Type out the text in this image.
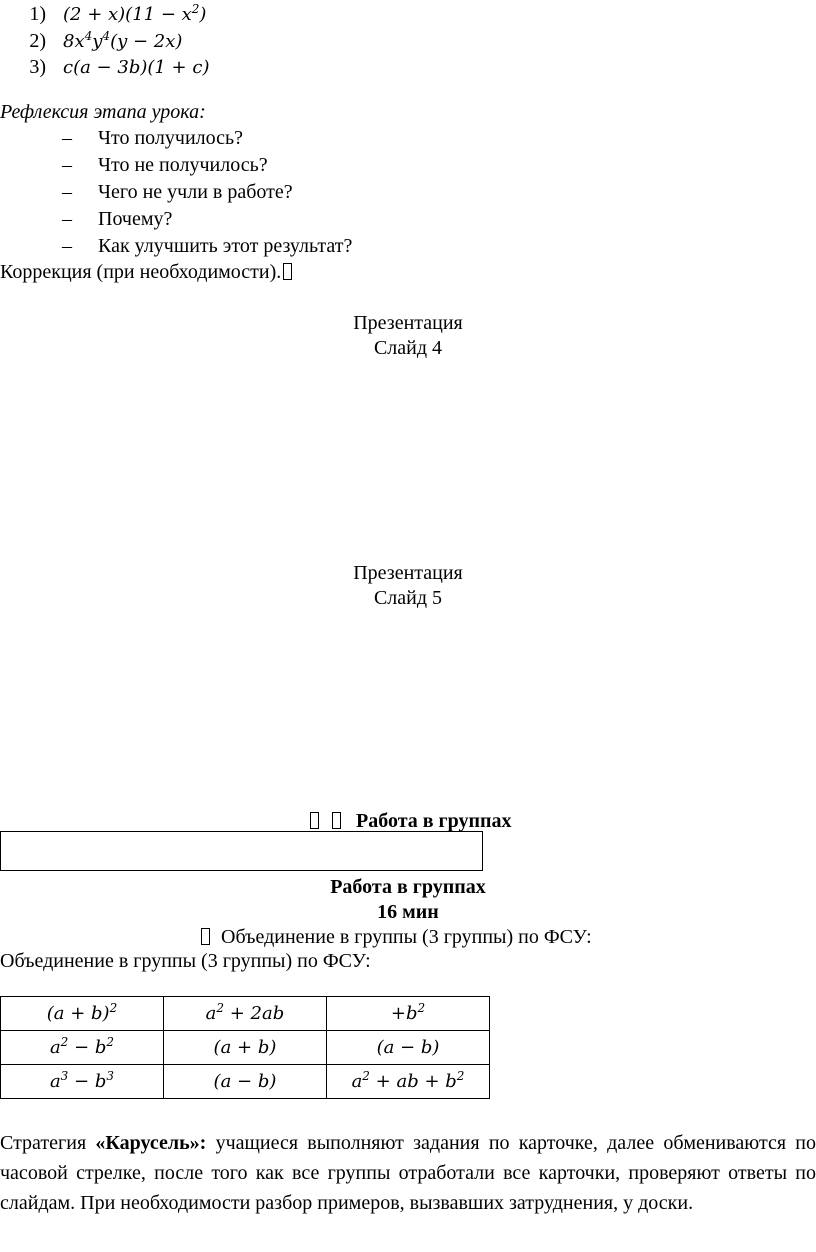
1) $(2 + x)(11 - x^2)$
2) $8x^4y^4(y - 2x)$
3) c(a − 3b)(1 + c)
Рефлексия этапа урока:
– Что получилось?
– Что не получилось?
– Чего не учли в работе?
– Почему?
– Как улучшить этот результат?
Коррекция (при необходимости).
Презентация
Слайд 4
Презентация
Слайд 5
Работа в группах
Работа в группах
16 мин
Объединение в группы (3 группы) по ФСУ:
Объединение в группы (3 группы) по ФСУ:
$(a + b)^2$	$a^2 + 2ab$	$+b^2$
$a^2 - b^2$	(a + b)	(a − b)
$a^3 - b^3$	(a − b)	$a^2$ + ab + $b^2$
Стратегия «Карусель»: учащиеся выполняют задания по карточке, далее обмениваются по часовой стрелке, после того как все группы отработали все карточки, проверяют ответы по слайдам. При необходимости разбор примеров, вызвавших затруднения, у доски.
